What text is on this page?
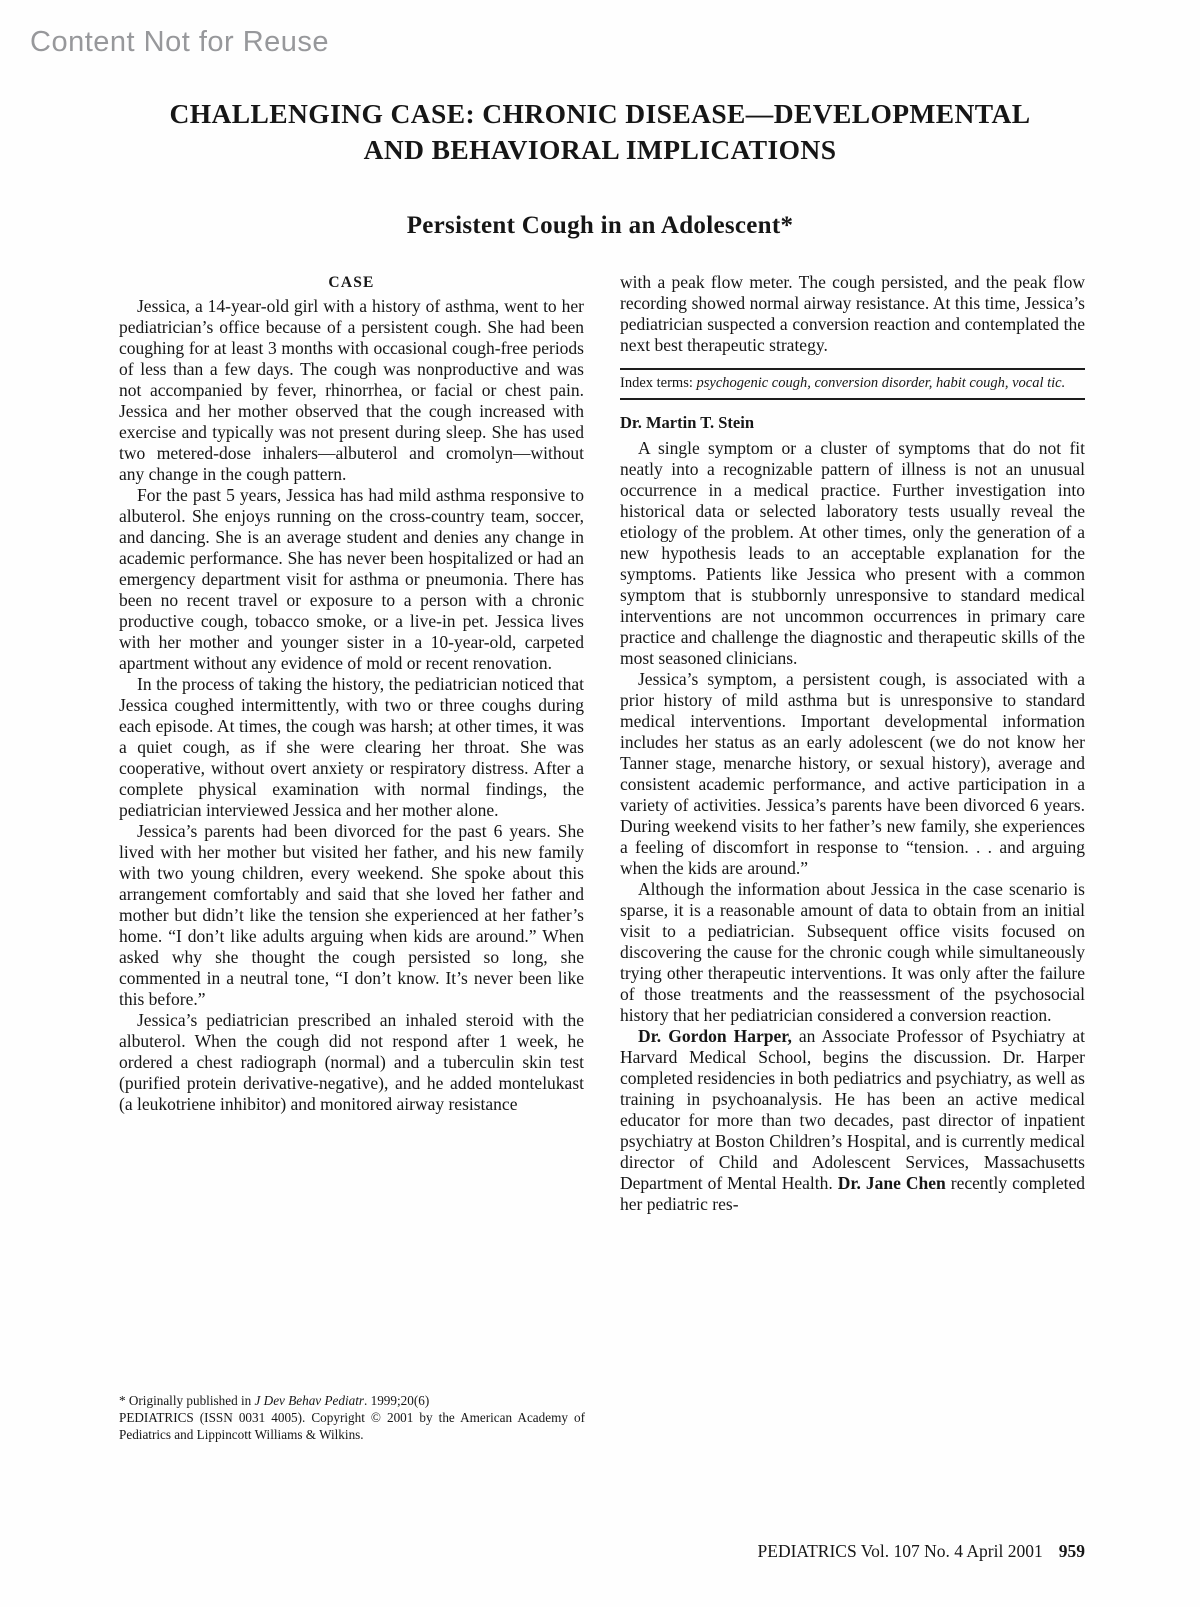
Content Not for Reuse
CHALLENGING CASE: CHRONIC DISEASE—DEVELOPMENTAL
AND BEHAVIORAL IMPLICATIONS
Persistent Cough in an Adolescent*
CASE

Jessica, a 14-year-old girl with a history of asthma, went to her pediatrician’s office because of a persistent cough. She had been coughing for at least 3 months with occasional cough-free periods of less than a few days. The cough was nonproductive and was not accompanied by fever, rhinorrhea, or facial or chest pain. Jessica and her mother observed that the cough increased with exercise and typically was not present during sleep. She has used two metered-dose inhalers—albuterol and cromolyn—without any change in the cough pattern.

For the past 5 years, Jessica has had mild asthma responsive to albuterol. She enjoys running on the cross-country team, soccer, and dancing. She is an average student and denies any change in academic performance. She has never been hospitalized or had an emergency department visit for asthma or pneumonia. There has been no recent travel or exposure to a person with a chronic productive cough, tobacco smoke, or a live-in pet. Jessica lives with her mother and younger sister in a 10-year-old, carpeted apartment without any evidence of mold or recent renovation.

In the process of taking the history, the pediatrician noticed that Jessica coughed intermittently, with two or three coughs during each episode. At times, the cough was harsh; at other times, it was a quiet cough, as if she were clearing her throat. She was cooperative, without overt anxiety or respiratory distress. After a complete physical examination with normal findings, the pediatrician interviewed Jessica and her mother alone.

Jessica’s parents had been divorced for the past 6 years. She lived with her mother but visited her father, and his new family with two young children, every weekend. She spoke about this arrangement comfortably and said that she loved her father and mother but didn’t like the tension she experienced at her father’s home. “I don’t like adults arguing when kids are around.” When asked why she thought the cough persisted so long, she commented in a neutral tone, “I don’t know. It’s never been like this before.”

Jessica’s pediatrician prescribed an inhaled steroid with the albuterol. When the cough did not respond after 1 week, he ordered a chest radiograph (normal) and a tuberculin skin test (purified protein derivative-negative), and he added montelukast (a leukotriene inhibitor) and monitored airway resistance

with a peak flow meter. The cough persisted, and the peak flow recording showed normal airway resistance. At this time, Jessica’s pediatrician suspected a conversion reaction and contemplated the next best therapeutic strategy.

Index terms: psychogenic cough, conversion disorder, habit cough, vocal tic.
Dr. Martin T. Stein

A single symptom or a cluster of symptoms that do not fit neatly into a recognizable pattern of illness is not an unusual occurrence in a medical practice. Further investigation into historical data or selected laboratory tests usually reveal the etiology of the problem. At other times, only the generation of a new hypothesis leads to an acceptable explanation for the symptoms. Patients like Jessica who present with a common symptom that is stubbornly unresponsive to standard medical interventions are not uncommon occurrences in primary care practice and challenge the diagnostic and therapeutic skills of the most seasoned clinicians.

Jessica’s symptom, a persistent cough, is associated with a prior history of mild asthma but is unresponsive to standard medical interventions. Important developmental information includes her status as an early adolescent (we do not know her Tanner stage, menarche history, or sexual history), average and consistent academic performance, and active participation in a variety of activities. Jessica’s parents have been divorced 6 years. During weekend visits to her father’s new family, she experiences a feeling of discomfort in response to “tension. . . and arguing when the kids are around.”

Although the information about Jessica in the case scenario is sparse, it is a reasonable amount of data to obtain from an initial visit to a pediatrician. Subsequent office visits focused on discovering the cause for the chronic cough while simultaneously trying other therapeutic interventions. It was only after the failure of those treatments and the reassessment of the psychosocial history that her pediatrician considered a conversion reaction.

Dr. Gordon Harper, an Associate Professor of Psychiatry at Harvard Medical School, begins the discussion. Dr. Harper completed residencies in both pediatrics and psychiatry, as well as training in psychoanalysis. He has been an active medical educator for more than two decades, past director of inpatient psychiatry at Boston Children’s Hospital, and is currently medical director of Child and Adolescent Services, Massachusetts Department of Mental Health. Dr. Jane Chen recently completed her pediatric res-

* Originally published in J Dev Behav Pediatr. 1999;20(6)

PEDIATRICS (ISSN 0031 4005). Copyright © 2001 by the American Academy of Pediatrics and Lippincott Williams & Wilkins.

PEDIATRICS Vol. 107 No. 4 April 2001 959
